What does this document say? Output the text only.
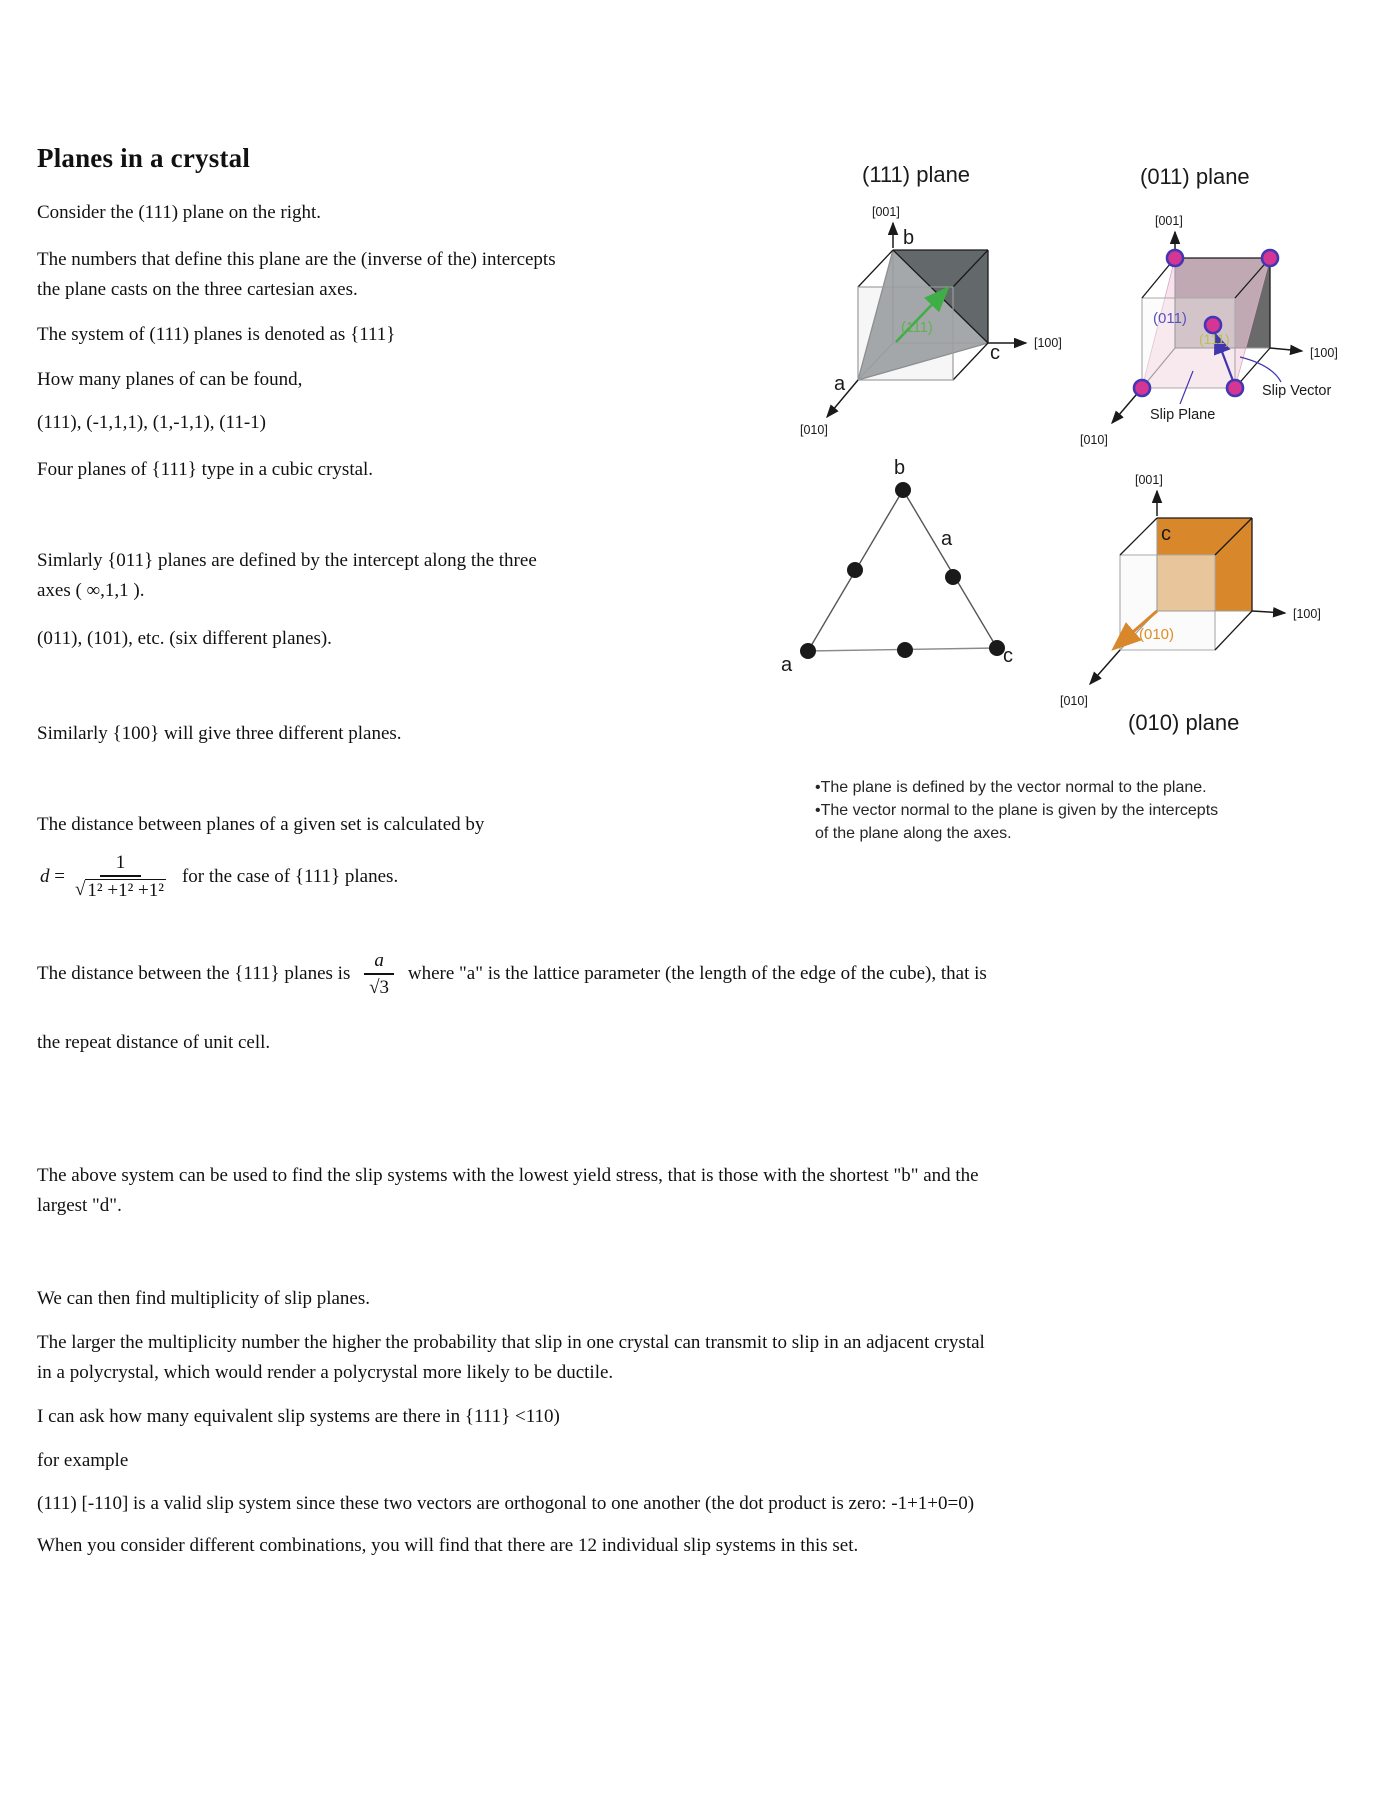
Planes in a crystal
Consider the (111) plane on the right.
The numbers that define this plane are the (inverse of the) intercepts
the plane casts on the three cartesian axes.
The system of (111) planes is denoted as {111}
How many planes of can be found,
(111), (-1,1,1), (1,-1,1), (11-1)
Four planes of {111} type in a cubic crystal.
Simlarly {011} planes are defined by the intercept along the three
axes ( ∞,1,1 ).
(011), (101), etc. (six different planes).
Similarly {100} will give three different planes.
The distance between planes of a given set is calculated by
$d = \frac{1}{\text{√ 1² +1² +1²}}$ for the case of {111} planes.
The distance between the {111} planes is $\frac{a}{√3}$ where "a" is the lattice parameter (the length of the edge of the cube), that is
the repeat distance of unit cell.
The above system can be used to find the slip systems with the lowest yield stress, that is those with the shortest "b" and the
largest "d".
We can then find multiplicity of slip planes.
The larger the multiplicity number the higher the probability that slip in one crystal can transmit to slip in an adjacent crystal
in a polycrystal, which would render a polycrystal more likely to be ductile.
I can ask how many equivalent slip systems are there in {111} <110)
for example
(111) [-110] is a valid slip system since these two vectors are orthogonal to one another (the dot product is zero: -1+1+0=0)
When you consider different combinations, you will find that there are 12 individual slip systems in this set.
(111) plane
(111)
[001]
[100]
[010]
b
a
c
(011) plane
[001]
[100]
[010]
(011)
(111)
Slip Vector
Slip Plane
b
a	c
a
[001]
[100]
[010]
(010)
c
(010) plane
•The plane is defined by the vector normal to the plane.
•The vector normal to the plane is given by the intercepts
of the plane along the axes.
